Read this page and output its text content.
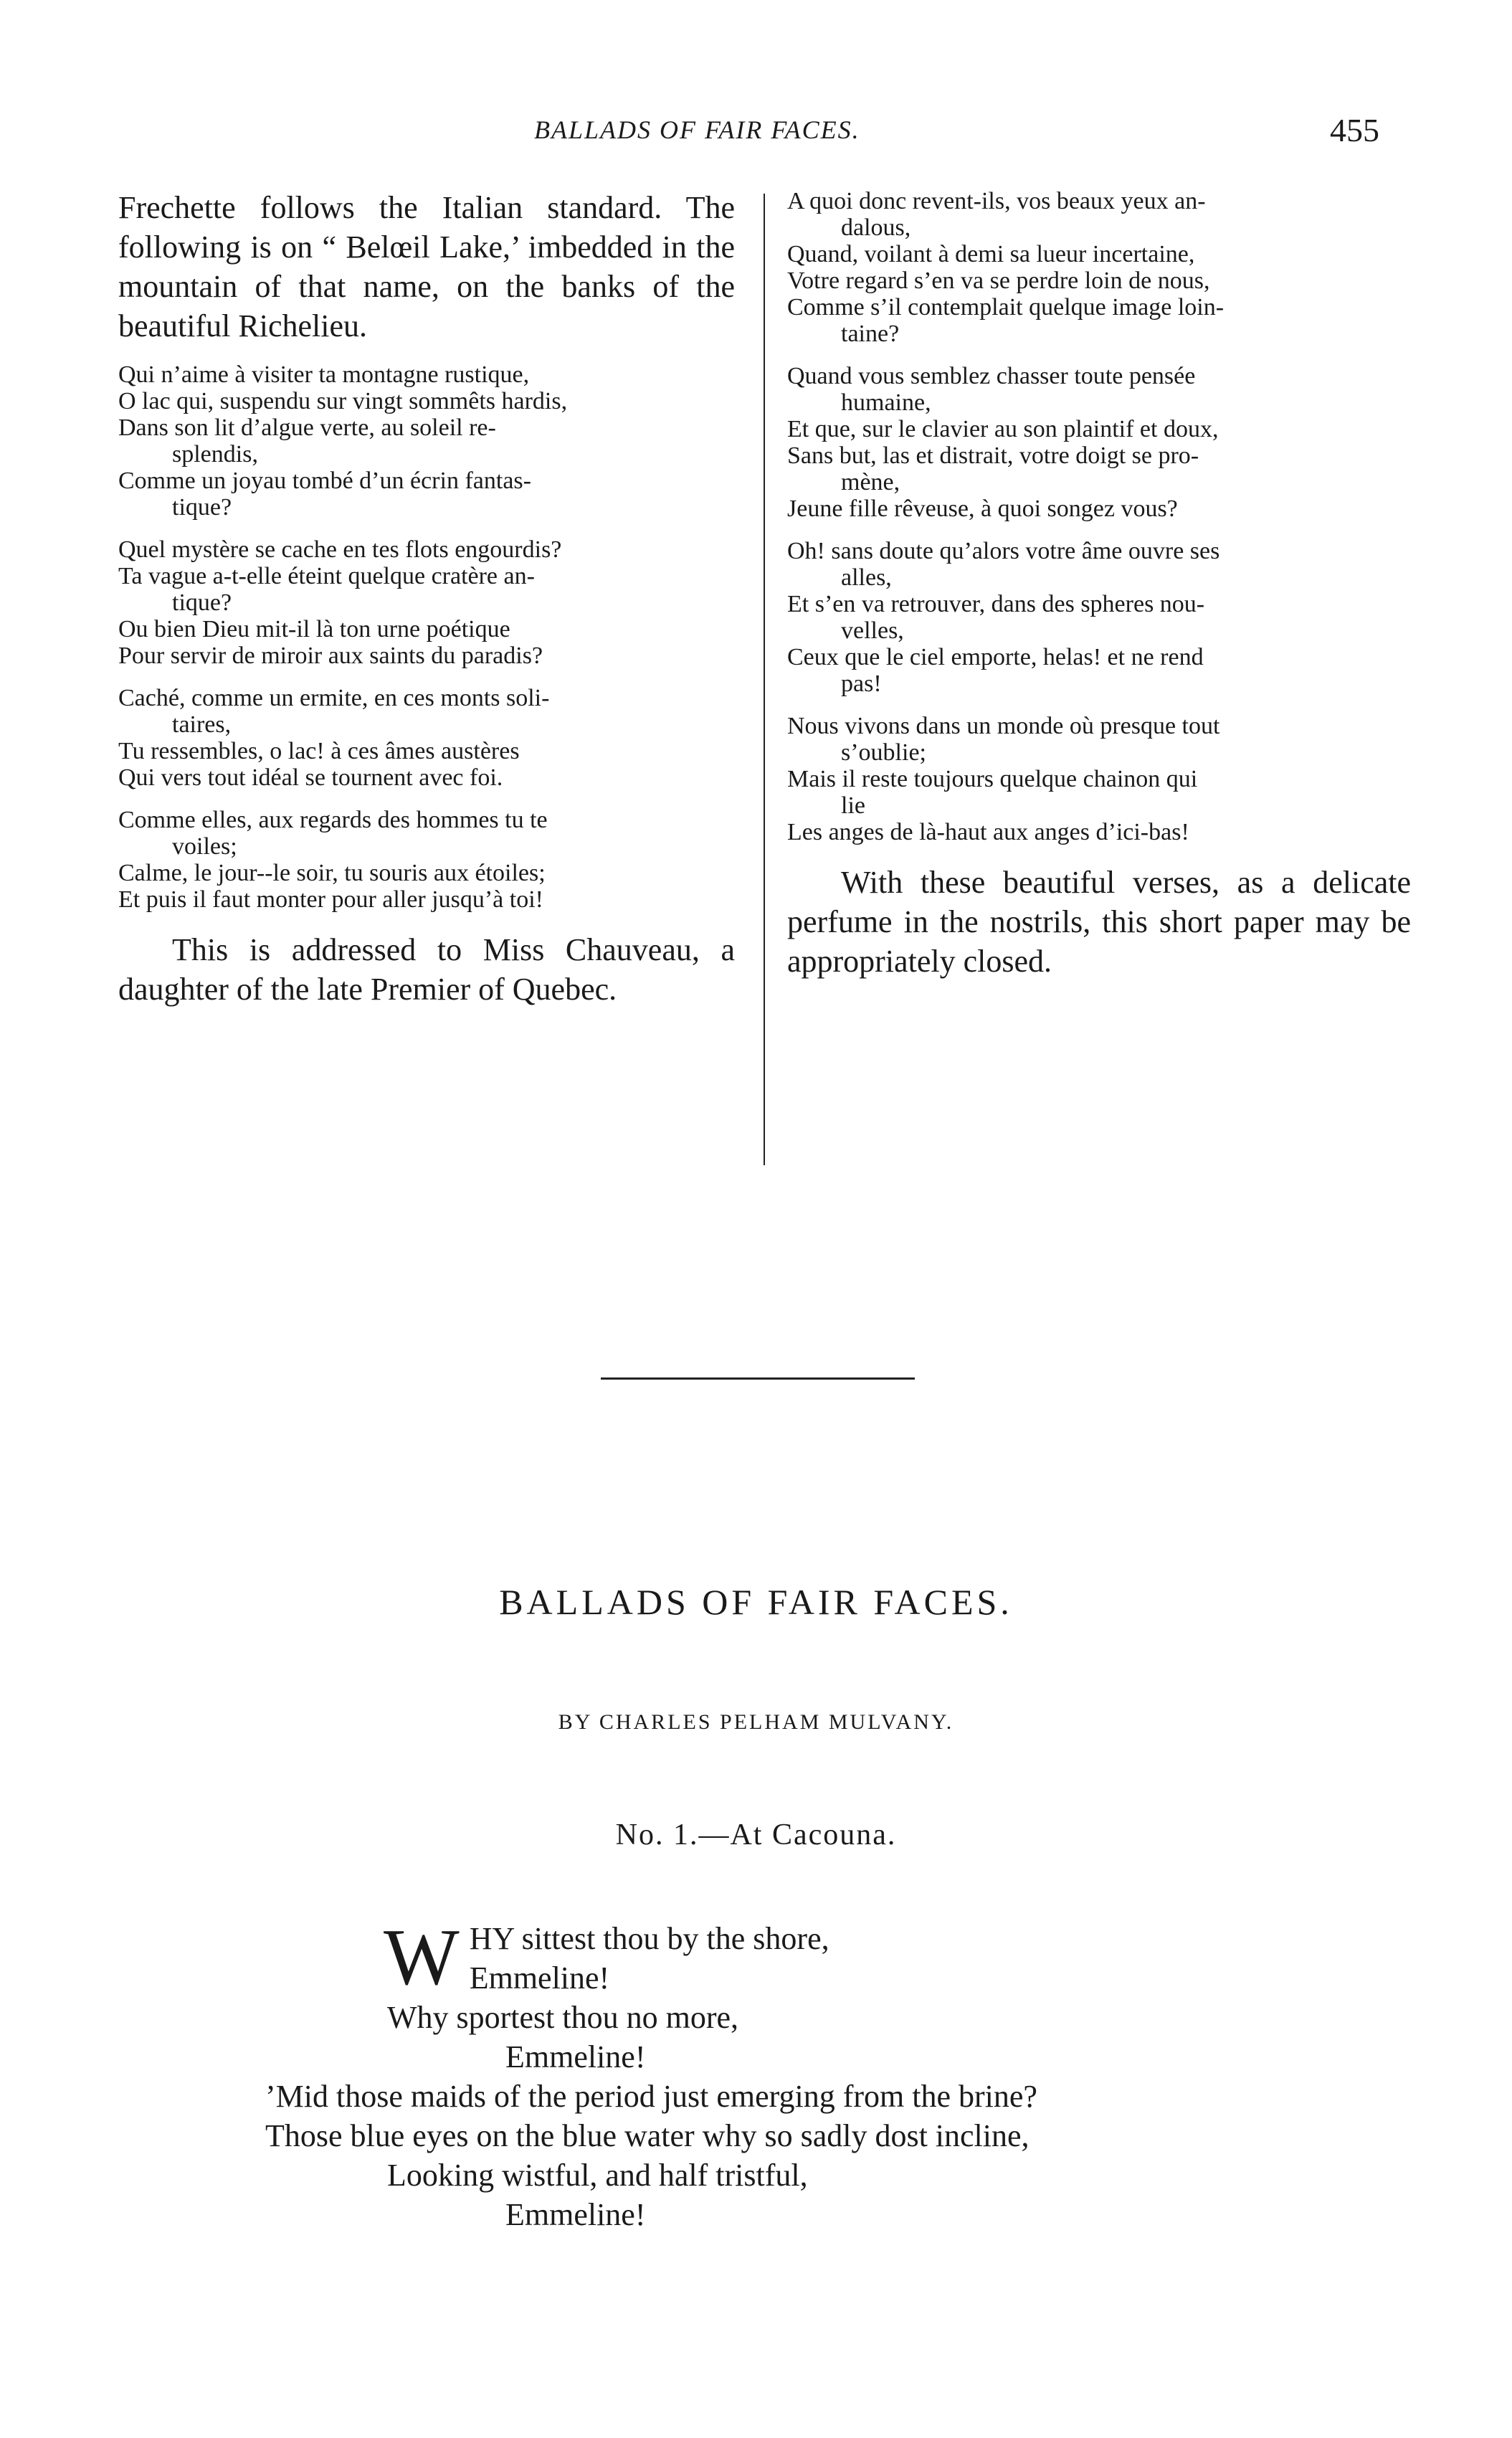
BALLADS OF FAIR FACES.	455

Frechette follows the Italian standard. The following is on “ Belœil Lake,’ imbedded in the mountain of that name, on the banks of the beautiful Richelieu.

Qui n’aime à visiter ta montagne rustique,
O lac qui, suspendu sur vingt sommêts hardis,
Dans son lit d’algue verte, au soleil re-
splendis,
Comme un joyau tombé d’un écrin fantas-
tique?
Quel mystère se cache en tes flots engourdis?
Ta vague a-t-elle éteint quelque cratère an-
tique?
Ou bien Dieu mit-il là ton urne poétique
Pour servir de miroir aux saints du paradis?
Caché, comme un ermite, en ces monts soli-
taires,
Tu ressembles, o lac! à ces âmes austères
Qui vers tout idéal se tournent avec foi.
Comme elles, aux regards des hommes tu te
voiles;
Calme, le jour--le soir, tu souris aux étoiles;
Et puis il faut monter pour aller jusqu’à toi!

This is addressed to Miss Chauveau, a daughter of the late Premier of Quebec.

A quoi donc revent-ils, vos beaux yeux an-
dalous,
Quand, voilant à demi sa lueur incertaine,
Votre regard s’en va se perdre loin de nous,
Comme s’il contemplait quelque image loin-
taine?
Quand vous semblez chasser toute pensée
humaine,
Et que, sur le clavier au son plaintif et doux,
Sans but, las et distrait, votre doigt se pro-
mène,
Jeune fille rêveuse, à quoi songez vous?
Oh! sans doute qu’alors votre âme ouvre ses
alles,
Et s’en va retrouver, dans des spheres nou-
velles,
Ceux que le ciel emporte, helas! et ne rend
pas!
Nous vivons dans un monde où presque tout
s’oublie;
Mais il reste toujours quelque chainon qui
lie
Les anges de là-haut aux anges d’ici-bas!

With these beautiful verses, as a delicate perfume in the nostrils, this short paper may be appropriately closed.

BALLADS OF FAIR FACES.
BY CHARLES PELHAM MULVANY.
No. 1.—At Cacouna.
W HY sittest thou by the shore,
Emmeline!
Why sportest thou no more,
Emmeline!
’Mid those maids of the period just emerging from the brine?
Those blue eyes on the blue water why so sadly dost incline,
Looking wistful, and half tristful,
Emmeline!
